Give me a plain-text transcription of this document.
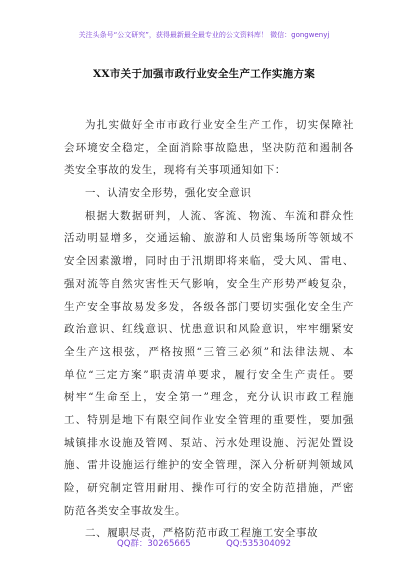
关注头条号“公文研究”，获得最新最全最专业的公文资料库！ 微信：gongwenyj
XX市关于加强市政行业安全生产工作实施方案
为扎实做好全市市政行业安全生产工作，切实保障社
会环境安全稳定，全面消除事故隐患，坚决防范和遏制各
类安全事故的发生，现将有关事项通知如下：
一、认清安全形势，强化安全意识
根据大数据研判，人流、客流、物流、车流和群众性
活动明显增多，交通运输、旅游和人员密集场所等领域不
安全因素激增，同时由于汛期即将来临，受大风、雷电、
强对流等自然灾害性天气影响，安全生产形势严峻复杂，
生产安全事故易发多发，各级各部门要切实强化安全生产
政治意识、红线意识、忧患意识和风险意识，牢牢绷紧安
全生产这根弦，严格按照“三管三必须”和法律法规、本
单位“三定方案”职责清单要求，履行安全生产责任。要
树牢“生命至上，安全第一”理念，充分认识市政工程施
工、特别是地下有限空间作业安全管理的重要性，要加强
城镇排水设施及管网、泵站、污水处理设施、污泥处置设
施、雷井设施运行维护的安全管理，深入分析研判领域风
险，研究制定管用耐用、操作可行的安全防范措施，严密
防范各类安全事故发生。
二、履职尽责，严格防范市政工程施工安全事故
QQ群：30265665	QQ:535304092
